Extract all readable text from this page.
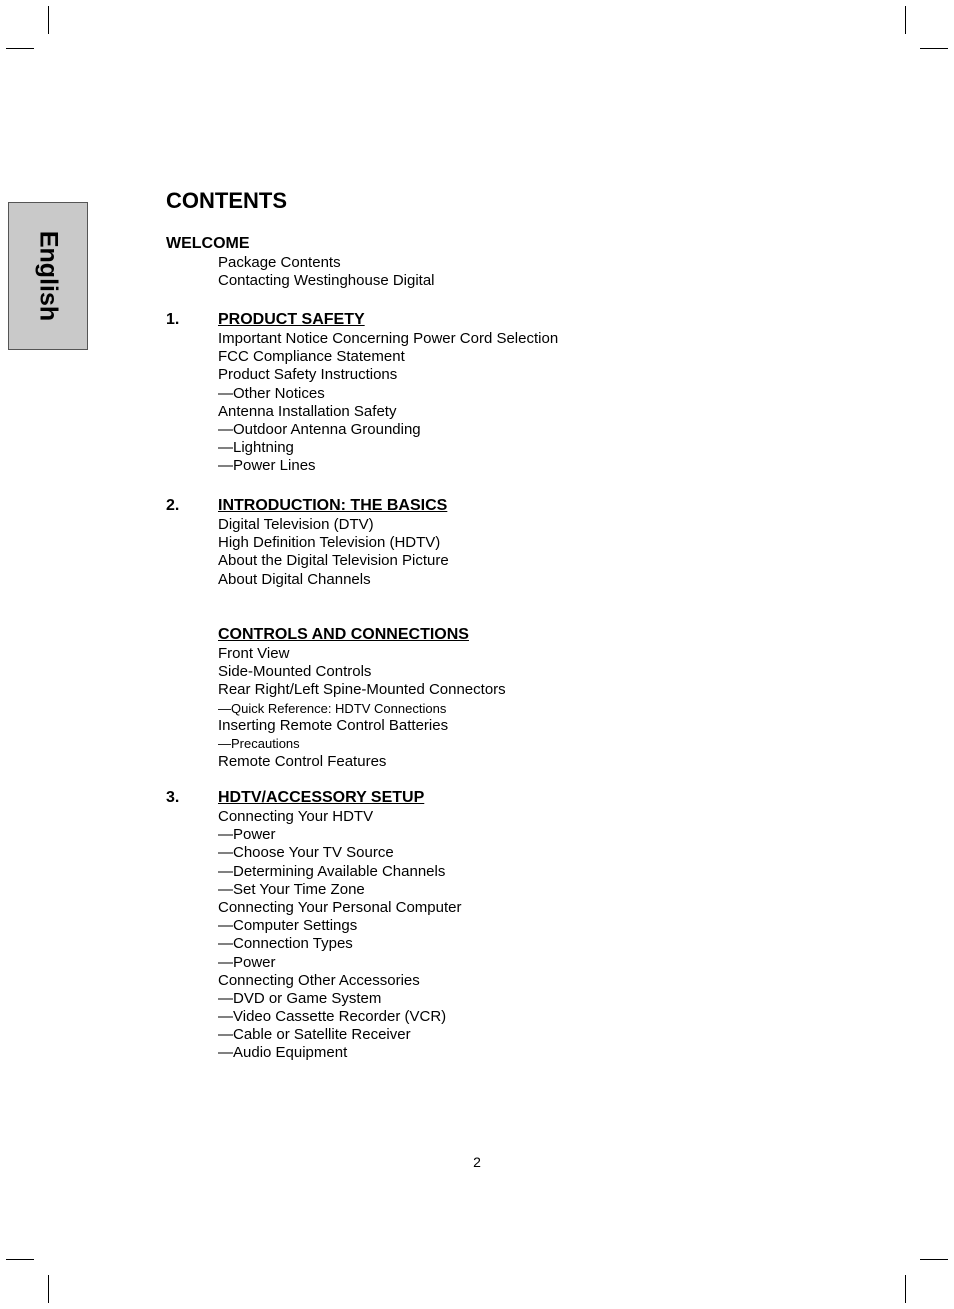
English
CONTENTS
WELCOME
Package Contents
Contacting Westinghouse Digital
1. PRODUCT SAFETY
Important Notice Concerning Power Cord Selection
FCC Compliance Statement
Product Safety Instructions
—Other Notices
Antenna Installation Safety
—Outdoor Antenna Grounding
—Lightning
—Power Lines
2. INTRODUCTION: THE BASICS
Digital Television (DTV)
High Definition Television (HDTV)
About the Digital Television Picture
About Digital Channels
CONTROLS AND CONNECTIONS
Front View
Side-Mounted Controls
Rear Right/Left Spine-Mounted Connectors
—Quick Reference: HDTV Connections
Inserting Remote Control Batteries
—Precautions
Remote Control Features
3. HDTV/ACCESSORY SETUP
Connecting Your HDTV
—Power
—Choose Your TV Source
—Determining Available Channels
—Set Your Time Zone
Connecting Your Personal Computer
—Computer Settings
—Connection Types
—Power
Connecting Other Accessories
—DVD or Game System
—Video Cassette Recorder (VCR)
—Cable or Satellite Receiver
—Audio Equipment
2
